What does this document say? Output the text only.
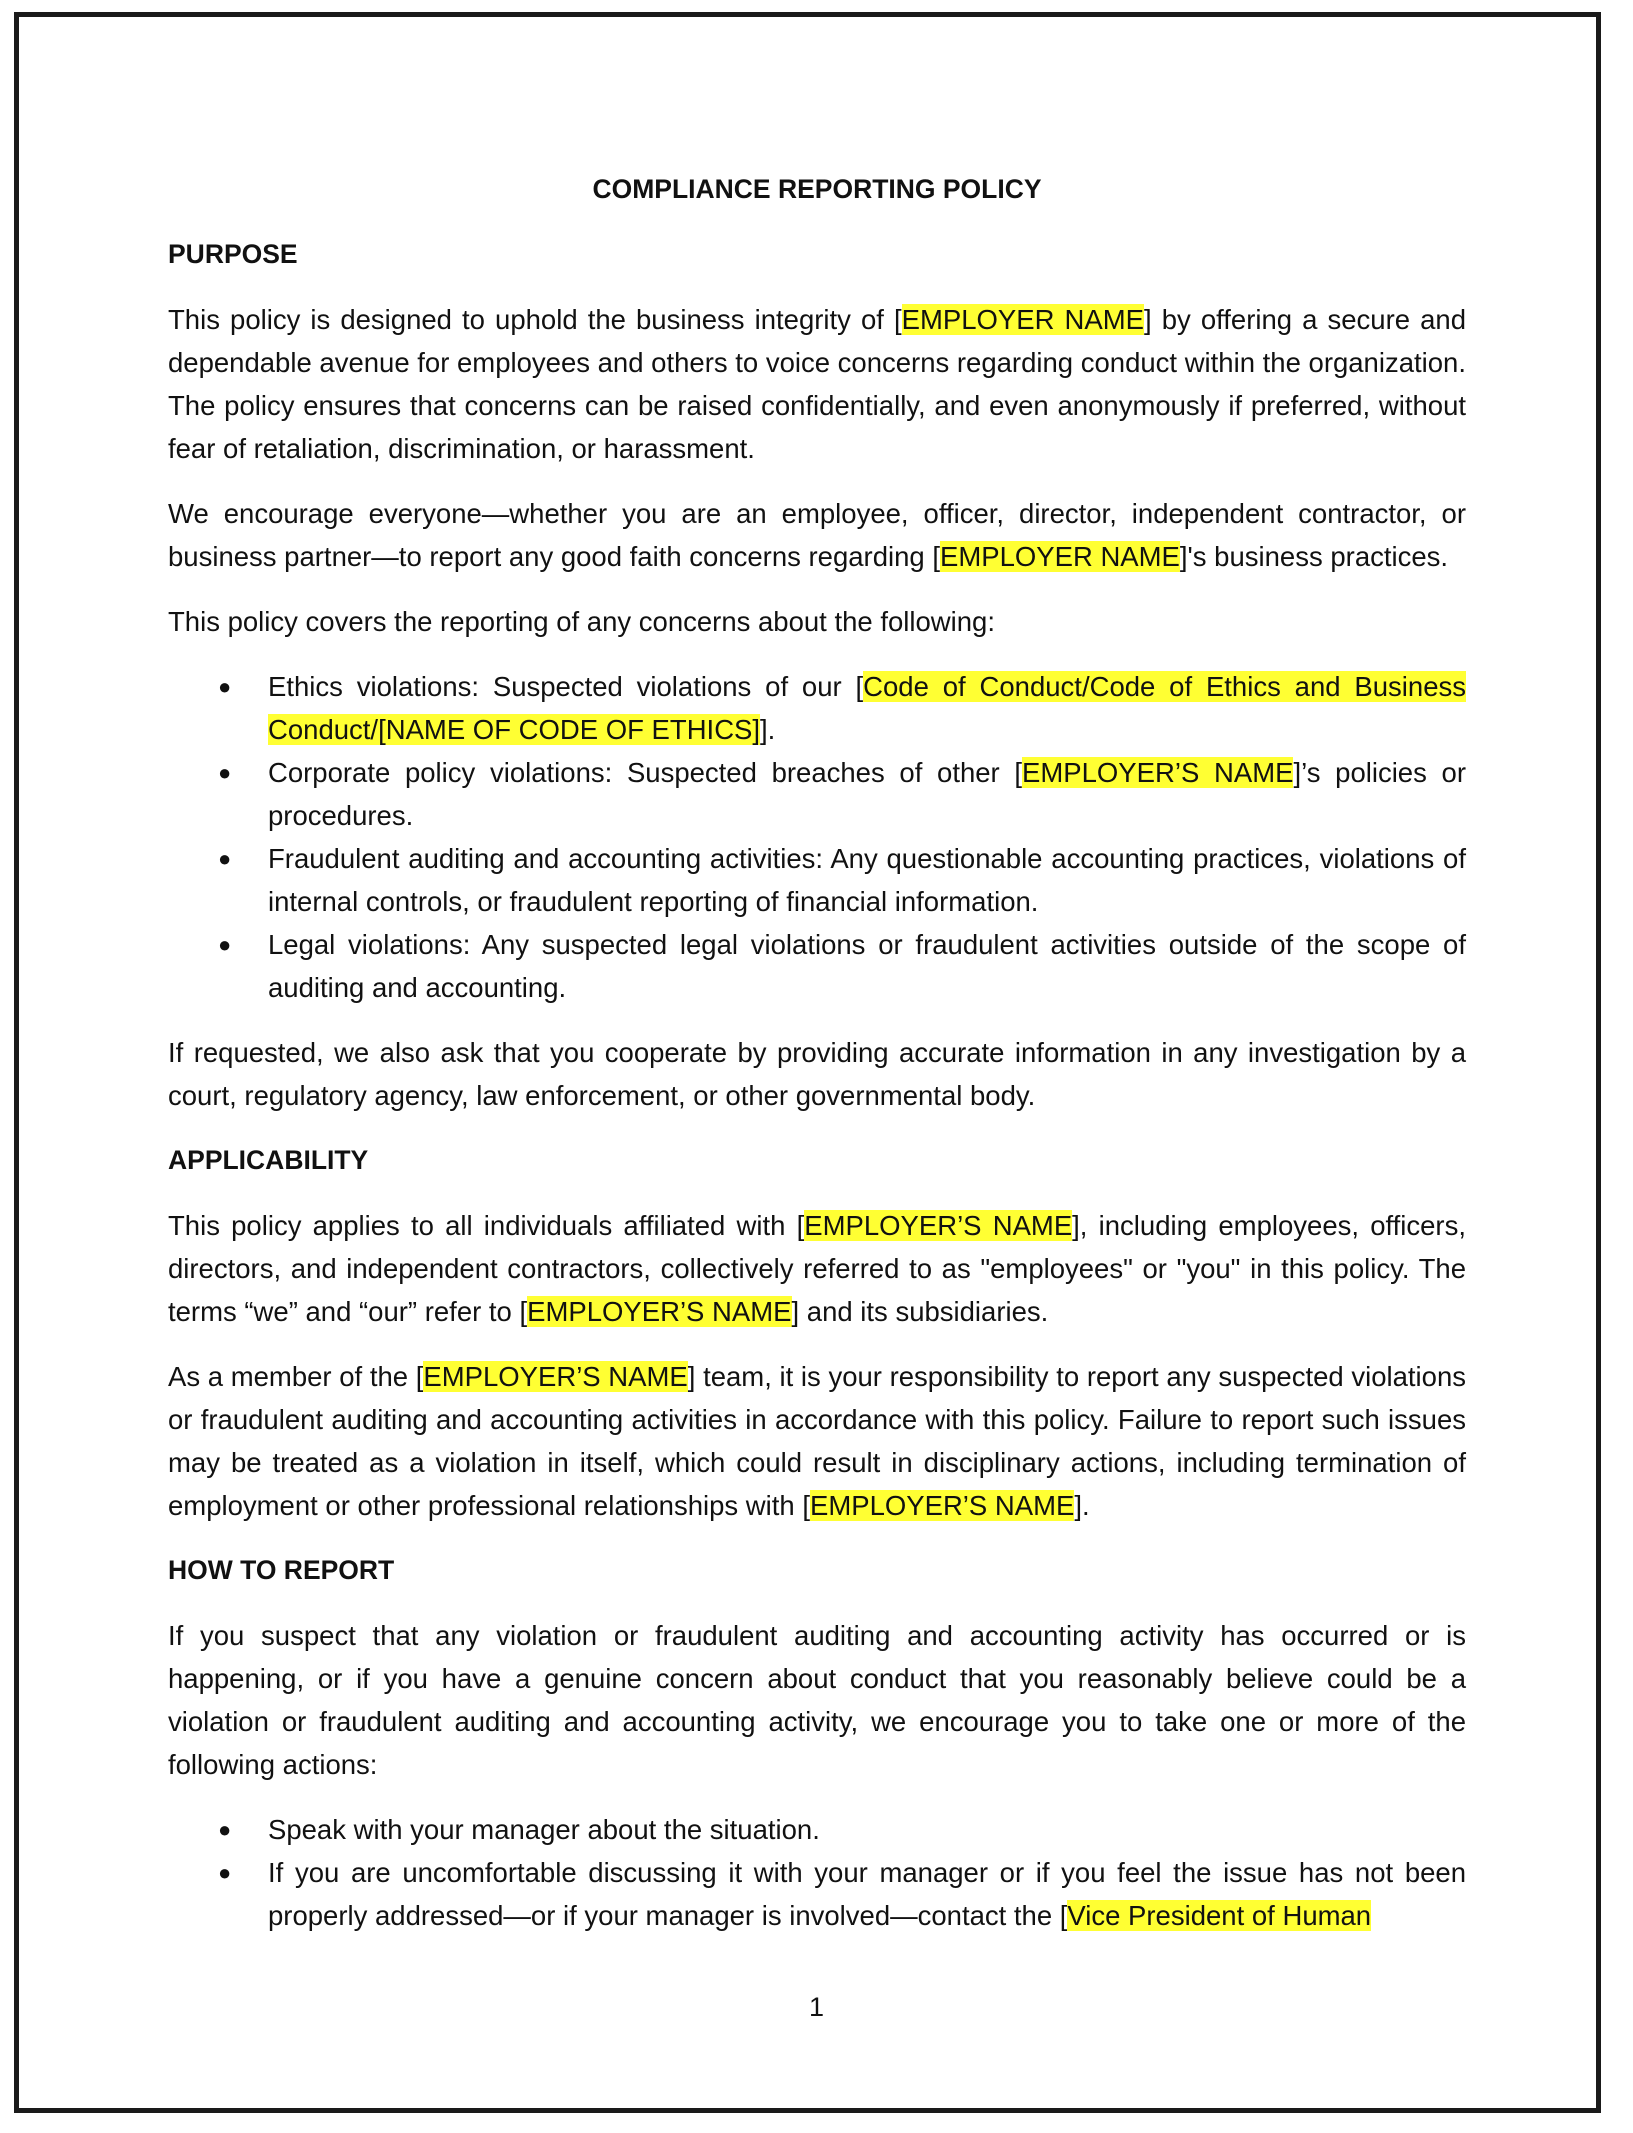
COMPLIANCE REPORTING POLICY
PURPOSE

This policy is designed to uphold the business integrity of [EMPLOYER NAME] by offering a secure and dependable avenue for employees and others to voice concerns regarding conduct within the organization. The policy ensures that concerns can be raised confidentially, and even anonymously if preferred, without fear of retaliation, discrimination, or harassment.

We encourage everyone—whether you are an employee, officer, director, independent contractor, or business partner—to report any good faith concerns regarding [EMPLOYER NAME]'s business practices.

This policy covers the reporting of any concerns about the following:

● Ethics violations: Suspected violations of our [Code of Conduct/Code of Ethics and Business Conduct/[NAME OF CODE OF ETHICS]].
● Corporate policy violations: Suspected breaches of other [EMPLOYER’S NAME]’s policies or procedures.
● Fraudulent auditing and accounting activities: Any questionable accounting practices, violations of internal controls, or fraudulent reporting of financial information.
● Legal violations: Any suspected legal violations or fraudulent activities outside of the scope of auditing and accounting.

If requested, we also ask that you cooperate by providing accurate information in any investigation by a court, regulatory agency, law enforcement, or other governmental body.

APPLICABILITY

This policy applies to all individuals affiliated with [EMPLOYER’S NAME], including employees, officers, directors, and independent contractors, collectively referred to as "employees" or "you" in this policy. The terms “we” and “our” refer to [EMPLOYER’S NAME] and its subsidiaries.

As a member of the [EMPLOYER’S NAME] team, it is your responsibility to report any suspected violations or fraudulent auditing and accounting activities in accordance with this policy. Failure to report such issues may be treated as a violation in itself, which could result in disciplinary actions, including termination of employment or other professional relationships with [EMPLOYER’S NAME].

HOW TO REPORT

If you suspect that any violation or fraudulent auditing and accounting activity has occurred or is happening, or if you have a genuine concern about conduct that you reasonably believe could be a violation or fraudulent auditing and accounting activity, we encourage you to take one or more of the following actions:

● Speak with your manager about the situation.
● If you are uncomfortable discussing it with your manager or if you feel the issue has not been properly addressed—or if your manager is involved—contact the [Vice President of Human
1
